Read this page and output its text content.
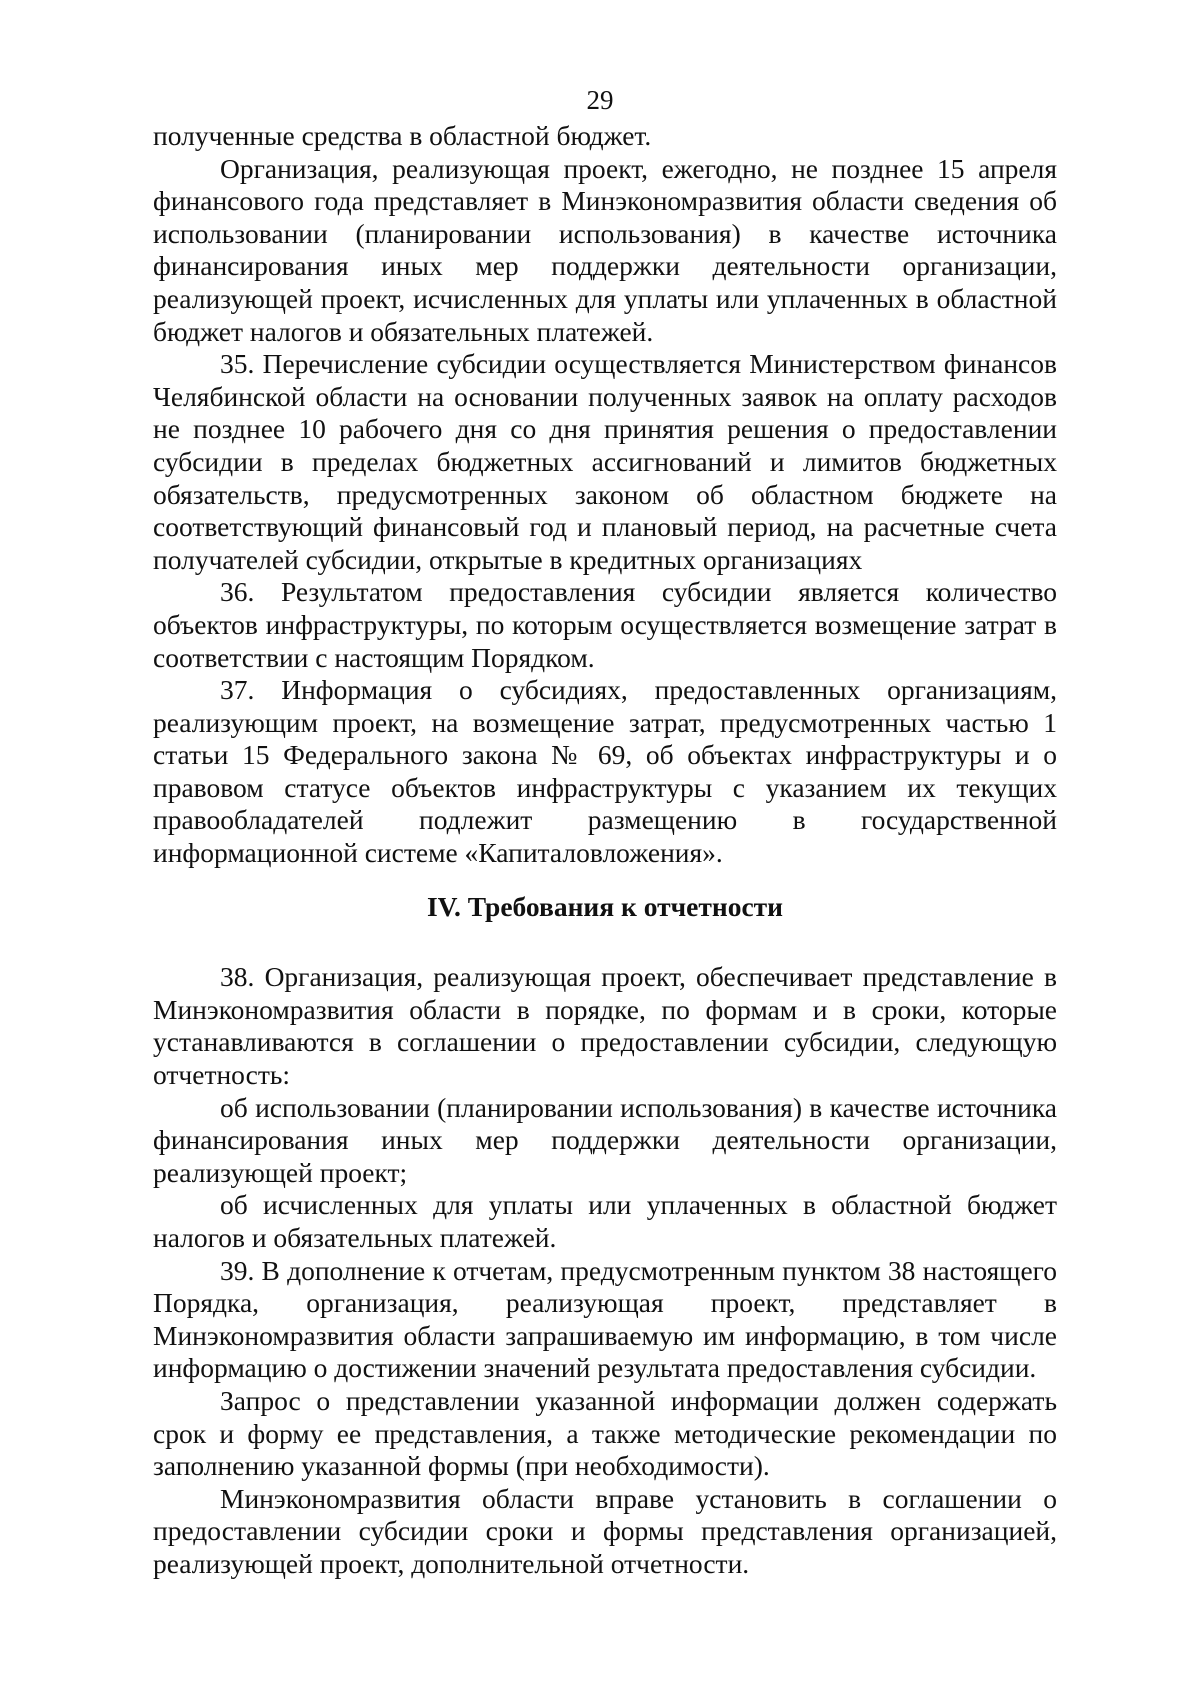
29

полученные средства в областной бюджет.

Организация, реализующая проект, ежегодно, не позднее 15 апреля финансового года представляет в Минэкономразвития области сведения об использовании (планировании использования) в качестве источника финансирования иных мер поддержки деятельности организации, реализующей проект, исчисленных для уплаты или уплаченных в областной бюджет налогов и обязательных платежей.

35. Перечисление субсидии осуществляется Министерством финансов Челябинской области на основании полученных заявок на оплату расходов не позднее 10 рабочего дня со дня принятия решения о предоставлении субсидии в пределах бюджетных ассигнований и лимитов бюджетных обязательств, предусмотренных законом об областном бюджете на соответствующий финансовый год и плановый период, на расчетные счета получателей субсидии, открытые в кредитных организациях

36. Результатом предоставления субсидии является количество объектов инфраструктуры, по которым осуществляется возмещение затрат в соответствии с настоящим Порядком.

37. Информация о субсидиях, предоставленных организациям, реализующим проект, на возмещение затрат, предусмотренных частью 1 статьи 15 Федерального закона № 69, об объектах инфраструктуры и о правовом статусе объектов инфраструктуры с указанием их текущих правообладателей подлежит размещению в государственной информационной системе «Капиталовложения».

IV. Требования к отчетности

38. Организация, реализующая проект, обеспечивает представление в Минэкономразвития области в порядке, по формам и в сроки, которые устанавливаются в соглашении о предоставлении субсидии, следующую отчетность:

об использовании (планировании использования) в качестве источника финансирования иных мер поддержки деятельности организации, реализующей проект;

об исчисленных для уплаты или уплаченных в областной бюджет налогов и обязательных платежей.

39. В дополнение к отчетам, предусмотренным пунктом 38 настоящего Порядка, организация, реализующая проект, представляет в Минэкономразвития области запрашиваемую им информацию, в том числе информацию о достижении значений результата предоставления субсидии.

Запрос о представлении указанной информации должен содержать срок и форму ее представления, а также методические рекомендации по заполнению указанной формы (при необходимости).

Минэкономразвития области вправе установить в соглашении о предоставлении субсидии сроки и формы представления организацией, реализующей проект, дополнительной отчетности.
